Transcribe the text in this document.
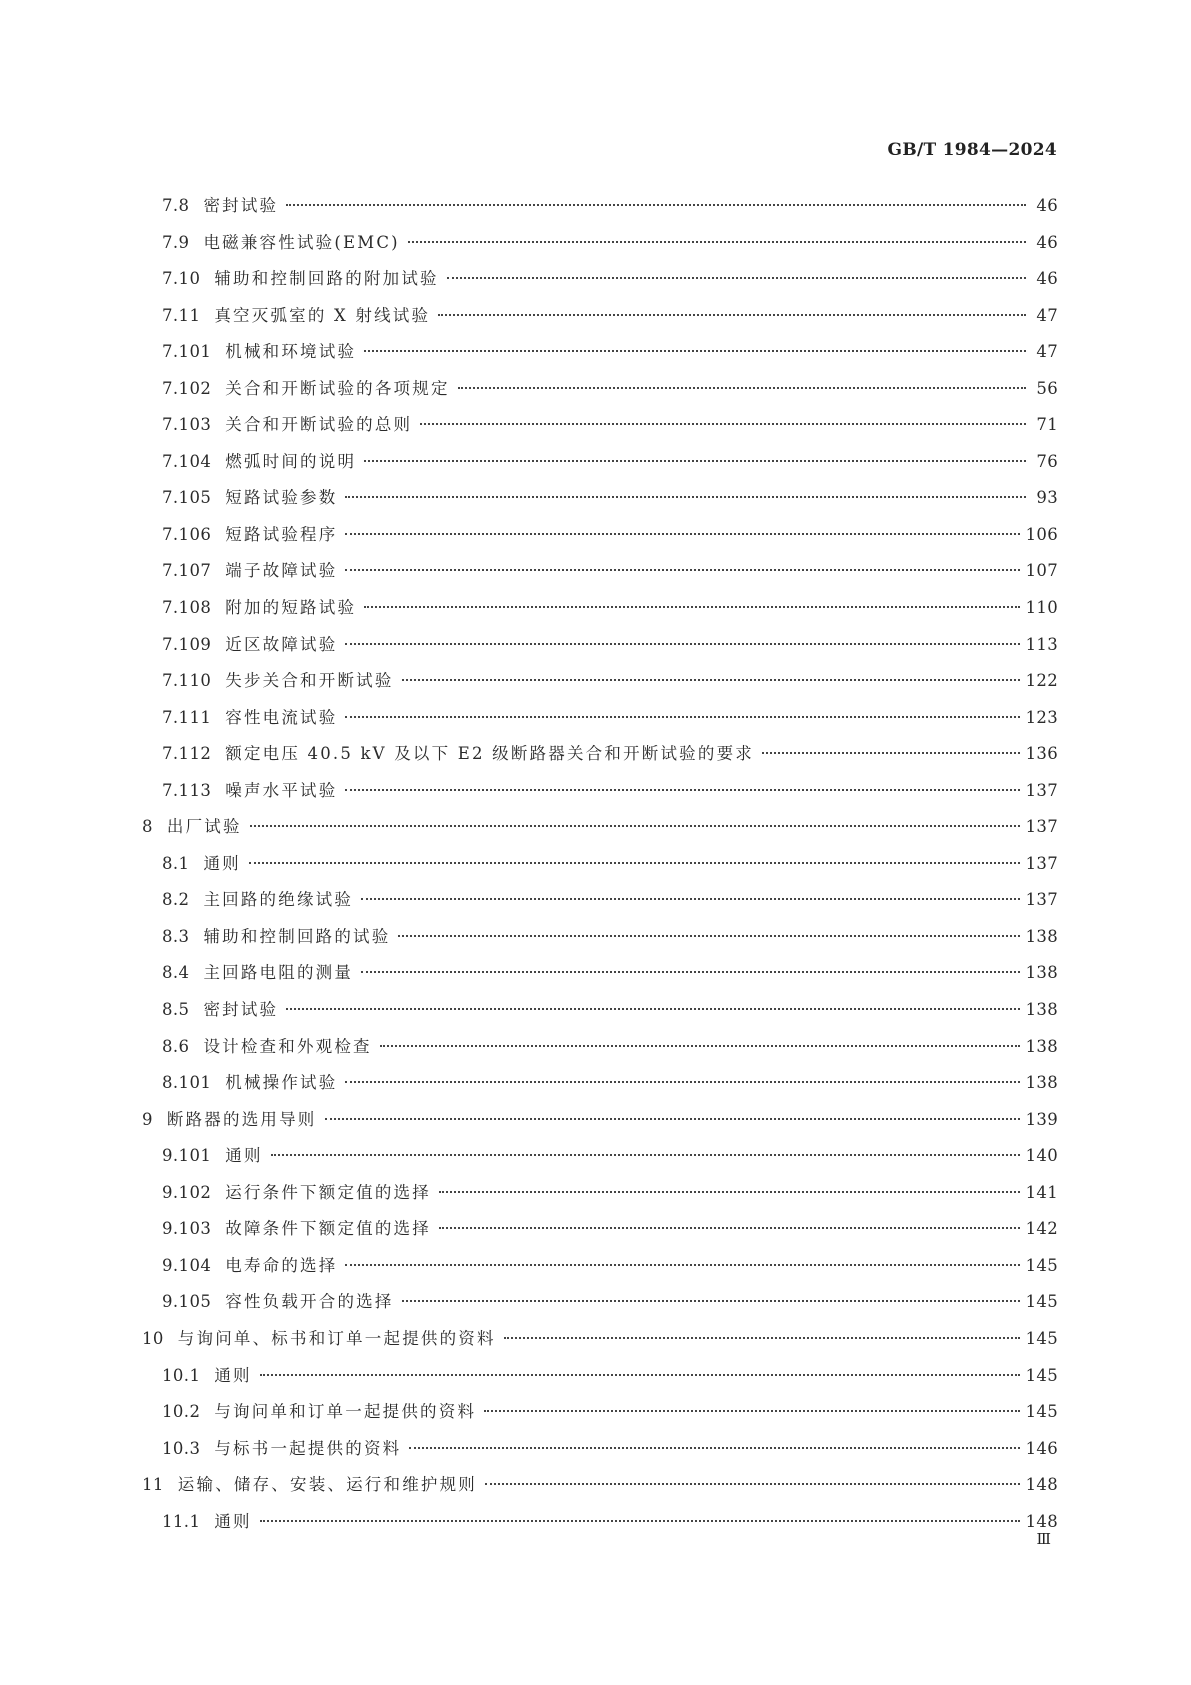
GB/T 1984—2024
7.8 密封试验	46
7.9 电磁兼容性试验(EMC)	46
7.10 辅助和控制回路的附加试验	46
7.11 真空灭弧室的 X 射线试验	47
7.101 机械和环境试验	47
7.102 关合和开断试验的各项规定	56
7.103 关合和开断试验的总则	71
7.104 燃弧时间的说明	76
7.105 短路试验参数	93
7.106 短路试验程序	106
7.107 端子故障试验	107
7.108 附加的短路试验	110
7.109 近区故障试验	113
7.110 失步关合和开断试验	122
7.111 容性电流试验	123
7.112 额定电压 40.5 kV 及以下 E2 级断路器关合和开断试验的要求	136
7.113 噪声水平试验	137
8 出厂试验	137
8.1 通则	137
8.2 主回路的绝缘试验	137
8.3 辅助和控制回路的试验	138
8.4 主回路电阻的测量	138
8.5 密封试验	138
8.6 设计检查和外观检查	138
8.101 机械操作试验	138
9 断路器的选用导则	139
9.101 通则	140
9.102 运行条件下额定值的选择	141
9.103 故障条件下额定值的选择	142
9.104 电寿命的选择	145
9.105 容性负载开合的选择	145
10 与询问单、标书和订单一起提供的资料	145
10.1 通则	145
10.2 与询问单和订单一起提供的资料	145
10.3 与标书一起提供的资料	146
11 运输、储存、安装、运行和维护规则	148
11.1 通则	148
Ⅲ
